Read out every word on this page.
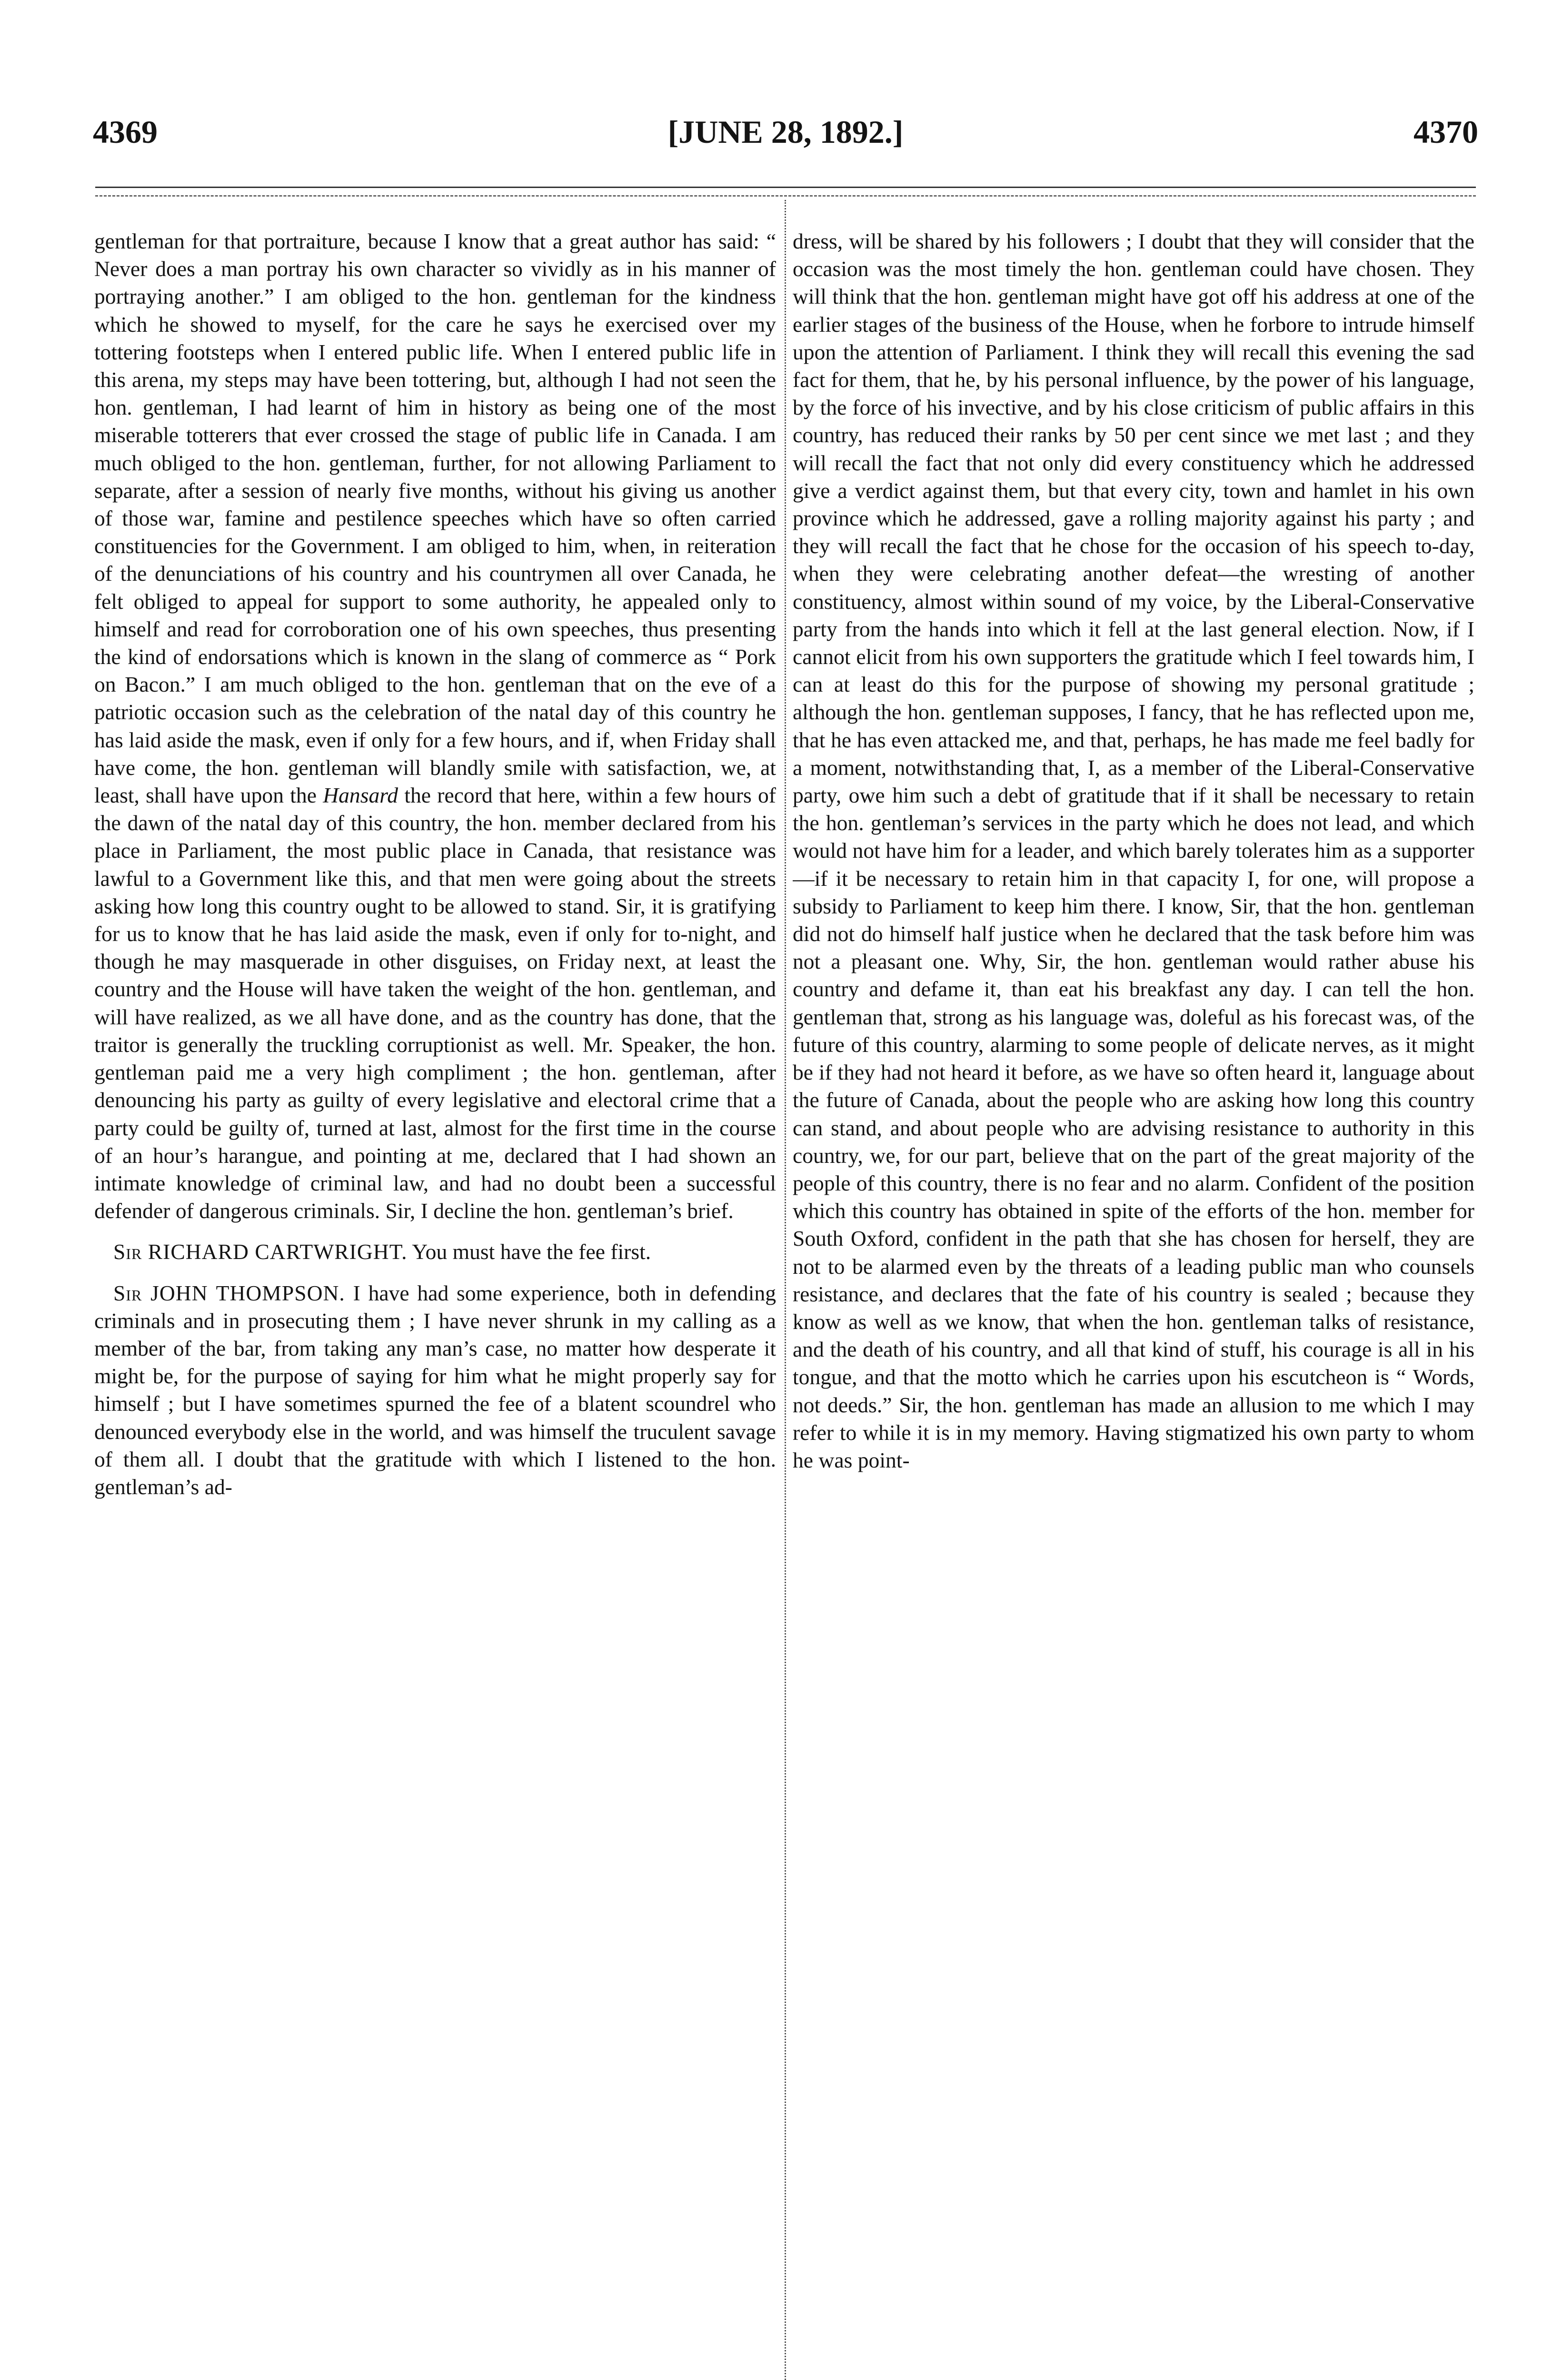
4369	[JUNE 28, 1892.]	4370

gentleman for that portraiture, because I know that a great author has said: “ Never does a man portray his own character so vividly as in his manner of portraying another.” I am obliged to the hon. gentleman for the kindness which he showed to myself, for the care he says he exercised over my tottering footsteps when I entered public life. When I entered public life in this arena, my steps may have been tottering, but, although I had not seen the hon. gentleman, I had learnt of him in history as being one of the most miserable totterers that ever crossed the stage of public life in Canada. I am much obliged to the hon. gentleman, further, for not allowing Parliament to separate, after a session of nearly five months, without his giving us another of those war, famine and pestilence speeches which have so often carried constituencies for the Government. I am obliged to him, when, in reiteration of the denunciations of his country and his countrymen all over Canada, he felt obliged to appeal for support to some authority, he appealed only to himself and read for corroboration one of his own speeches, thus presenting the kind of endorsations which is known in the slang of commerce as “ Pork on Bacon.” I am much obliged to the hon. gentleman that on the eve of a patriotic occasion such as the celebration of the natal day of this country he has laid aside the mask, even if only for a few hours, and if, when Friday shall have come, the hon. gentleman will blandly smile with satisfaction, we, at least, shall have upon the Hansard the record that here, within a few hours of the dawn of the natal day of this country, the hon. member declared from his place in Parliament, the most public place in Canada, that resistance was lawful to a Government like this, and that men were going about the streets asking how long this country ought to be allowed to stand. Sir, it is gratifying for us to know that he has laid aside the mask, even if only for to-night, and though he may masquerade in other disguises, on Friday next, at least the country and the House will have taken the weight of the hon. gentleman, and will have realized, as we all have done, and as the country has done, that the traitor is generally the truckling corruptionist as well. Mr. Speaker, the hon. gentleman paid me a very high compliment ; the hon. gentleman, after denouncing his party as guilty of every legislative and electoral crime that a party could be guilty of, turned at last, almost for the first time in the course of an hour’s harangue, and pointing at me, declared that I had shown an intimate knowledge of criminal law, and had no doubt been a successful defender of dangerous criminals. Sir, I decline the hon. gentleman’s brief.

Sir RICHARD CARTWRIGHT. You must have the fee first.

Sir JOHN THOMPSON. I have had some experience, both in defending criminals and in prosecuting them ; I have never shrunk in my calling as a member of the bar, from taking any man’s case, no matter how desperate it might be, for the purpose of saying for him what he might properly say for himself ; but I have sometimes spurned the fee of a blatent scoundrel who denounced everybody else in the world, and was himself the truculent savage of them all. I doubt that the gratitude with which I listened to the hon. gentleman’s ad-

dress, will be shared by his followers ; I doubt that they will consider that the occasion was the most timely the hon. gentleman could have chosen. They will think that the hon. gentleman might have got off his address at one of the earlier stages of the business of the House, when he forbore to intrude himself upon the attention of Parliament. I think they will recall this evening the sad fact for them, that he, by his personal influence, by the power of his language, by the force of his invective, and by his close criticism of public affairs in this country, has reduced their ranks by 50 per cent since we met last ; and they will recall the fact that not only did every constituency which he addressed give a verdict against them, but that every city, town and hamlet in his own province which he addressed, gave a rolling majority against his party ; and they will recall the fact that he chose for the occasion of his speech to-day, when they were celebrating another defeat—the wresting of another constituency, almost within sound of my voice, by the Liberal-Conservative party from the hands into which it fell at the last general election. Now, if I cannot elicit from his own supporters the gratitude which I feel towards him, I can at least do this for the purpose of showing my personal gratitude ; although the hon. gentleman supposes, I fancy, that he has reflected upon me, that he has even attacked me, and that, perhaps, he has made me feel badly for a moment, notwithstanding that, I, as a member of the Liberal-Conservative party, owe him such a debt of gratitude that if it shall be necessary to retain the hon. gentleman’s services in the party which he does not lead, and which would not have him for a leader, and which barely tolerates him as a supporter—if it be necessary to retain him in that capacity I, for one, will propose a subsidy to Parliament to keep him there. I know, Sir, that the hon. gentleman did not do himself half justice when he declared that the task before him was not a pleasant one. Why, Sir, the hon. gentleman would rather abuse his country and defame it, than eat his breakfast any day. I can tell the hon. gentleman that, strong as his language was, doleful as his forecast was, of the future of this country, alarming to some people of delicate nerves, as it might be if they had not heard it before, as we have so often heard it, language about the future of Canada, about the people who are asking how long this country can stand, and about people who are advising resistance to authority in this country, we, for our part, believe that on the part of the great majority of the people of this country, there is no fear and no alarm. Confident of the position which this country has obtained in spite of the efforts of the hon. member for South Oxford, confident in the path that she has chosen for herself, they are not to be alarmed even by the threats of a leading public man who counsels resistance, and declares that the fate of his country is sealed ; because they know as well as we know, that when the hon. gentleman talks of resistance, and the death of his country, and all that kind of stuff, his courage is all in his tongue, and that the motto which he carries upon his escutcheon is “ Words, not deeds.” Sir, the hon. gentleman has made an allusion to me which I may refer to while it is in my memory. Having stigmatized his own party to whom he was point-
